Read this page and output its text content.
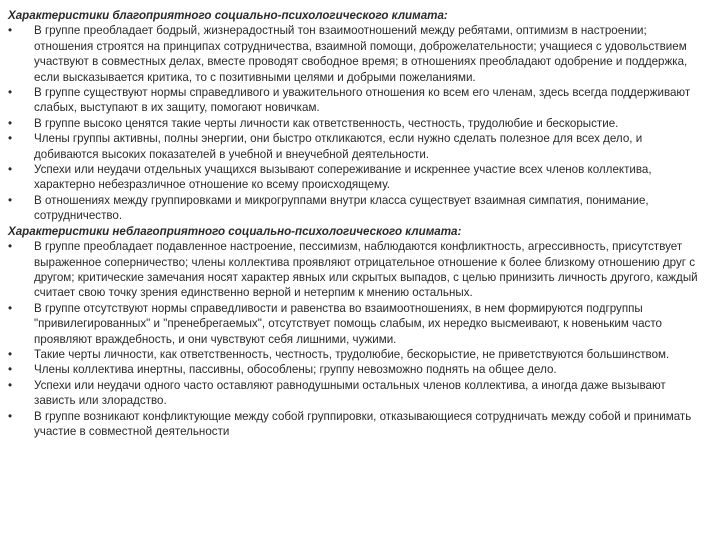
Характеристики благоприятного социально-психологического климата:

•	В группе преобладает бодрый, жизнерадостный тон взаимоотношений между ребятами, оптимизм в настроении; отношения строятся на принципах сотрудничества, взаимной помощи, доброжелательности; учащиеся с удовольствием участвуют в совместных делах, вместе проводят свободное время; в отношениях преобладают одобрение и поддержка, если высказывается критика, то с позитивными целями и добрыми пожеланиями.
•	В группе существуют нормы справедливого и уважительного отношения ко всем его членам, здесь всегда поддерживают слабых, выступают в их защиту, помогают новичкам.
•	В группе высоко ценятся такие черты личности как ответственность, честность, трудолюбие и бескорыстие.
•	Члены группы активны, полны энергии, они быстро откликаются, если нужно сделать полезное для всех дело, и добиваются высоких показателей в учебной и внеучебной деятельности.
•	Успехи или неудачи отдельных учащихся вызывают сопереживание и искреннее участие всех членов коллектива, характерно небезразличное отношение ко всему происходящему.
•	В отношениях между группировками и микрогруппами внутри класса существует взаимная симпатия, понимание, сотрудничество.

Характеристики неблагоприятного социально-психологического климата:

•	В группе преобладает подавленное настроение, пессимизм, наблюдаются конфликтность, агрессивность, присутствует выраженное соперничество; члены коллектива проявляют отрицательное отношение к более близкому отношению друг с другом; критические замечания носят характер явных или скрытых выпадов, с целью принизить личность другого, каждый считает свою точку зрения единственно верной и нетерпим к мнению остальных.
•	В группе отсутствуют нормы справедливости и равенства во взаимоотношениях, в нем формируются подгруппы "привилегированных" и "пренебрегаемых", отсутствует помощь слабым, их нередко высмеивают, к новеньким часто проявляют враждебность, и они чувствуют себя лишними, чужими.
•	Такие черты личности, как ответственность, честность, трудолюбие, бескорыстие, не приветствуются большинством.
•	Члены коллектива инертны, пассивны, обособлены; группу невозможно поднять на общее дело.
•	Успехи или неудачи одного часто оставляют равнодушными остальных членов коллектива, а иногда даже вызывают зависть или злорадство.
•	В группе возникают конфликтующие между собой группировки, отказывающиеся сотрудничать между собой и принимать участие в совместной деятельности
